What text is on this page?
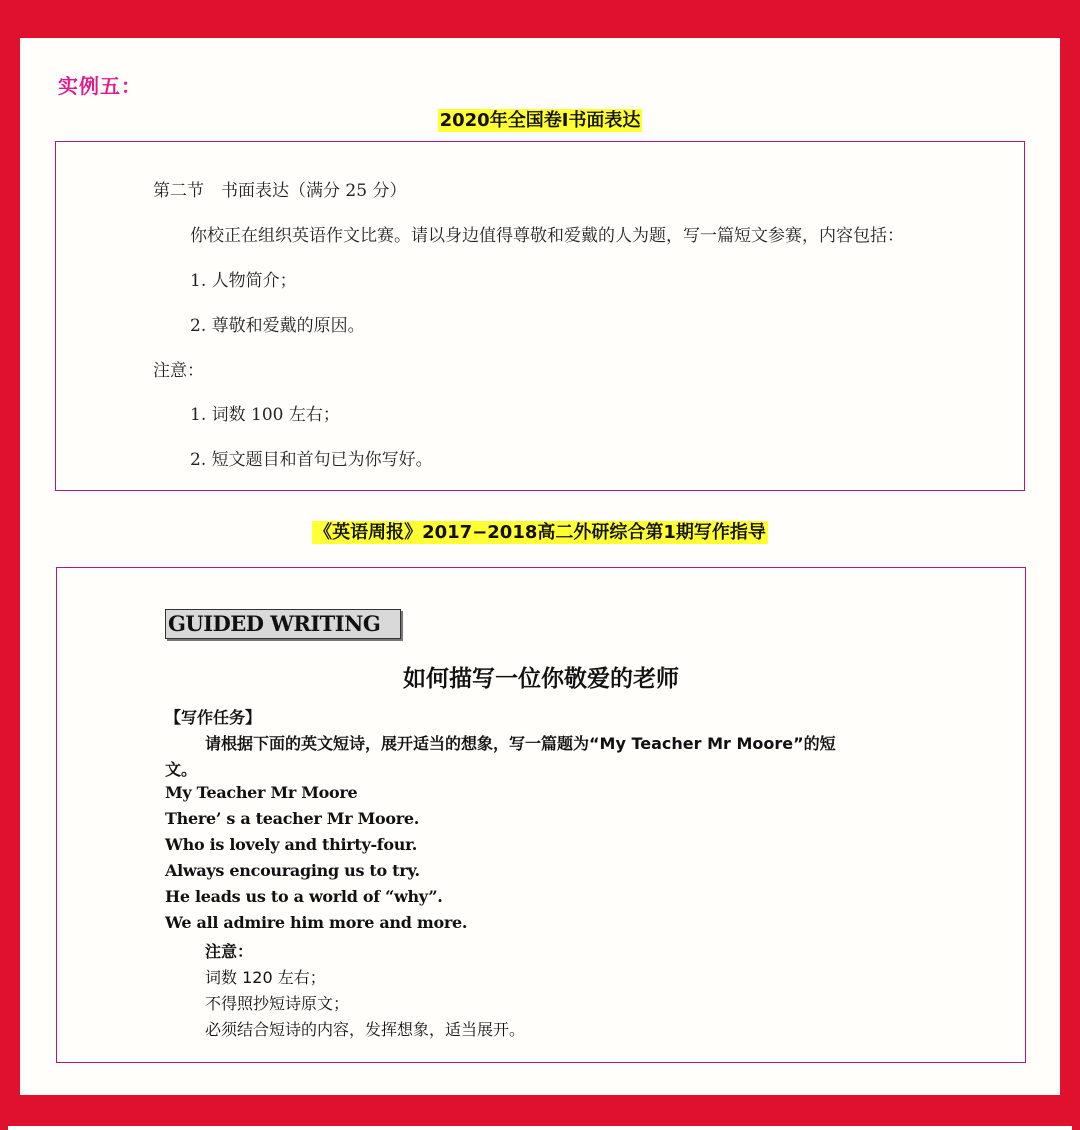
实例五：
2020年全国卷I书面表达
第二节　书面表达（满分 25 分）
你校正在组织英语作文比赛。请以身边值得尊敬和爱戴的人为题，写一篇短文参赛，内容包括：
1. 人物简介；
2. 尊敬和爱戴的原因。
注意：
1. 词数 100 左右；
2. 短文题目和首句已为你写好。
《英语周报》2017−2018高二外研综合第1期写作指导
GUIDED WRITING
如何描写一位你敬爱的老师
【写作任务】
请根据下面的英文短诗，展开适当的想象，写一篇题为“My Teacher Mr Moore”的短
文。
My Teacher Mr Moore
There’ s a teacher Mr Moore.
Who is lovely and thirty-four.
Always encouraging us to try.
He leads us to a world of “why”.
We all admire him more and more.
注意：
词数 120 左右；
不得照抄短诗原文；
必须结合短诗的内容，发挥想象，适当展开。
